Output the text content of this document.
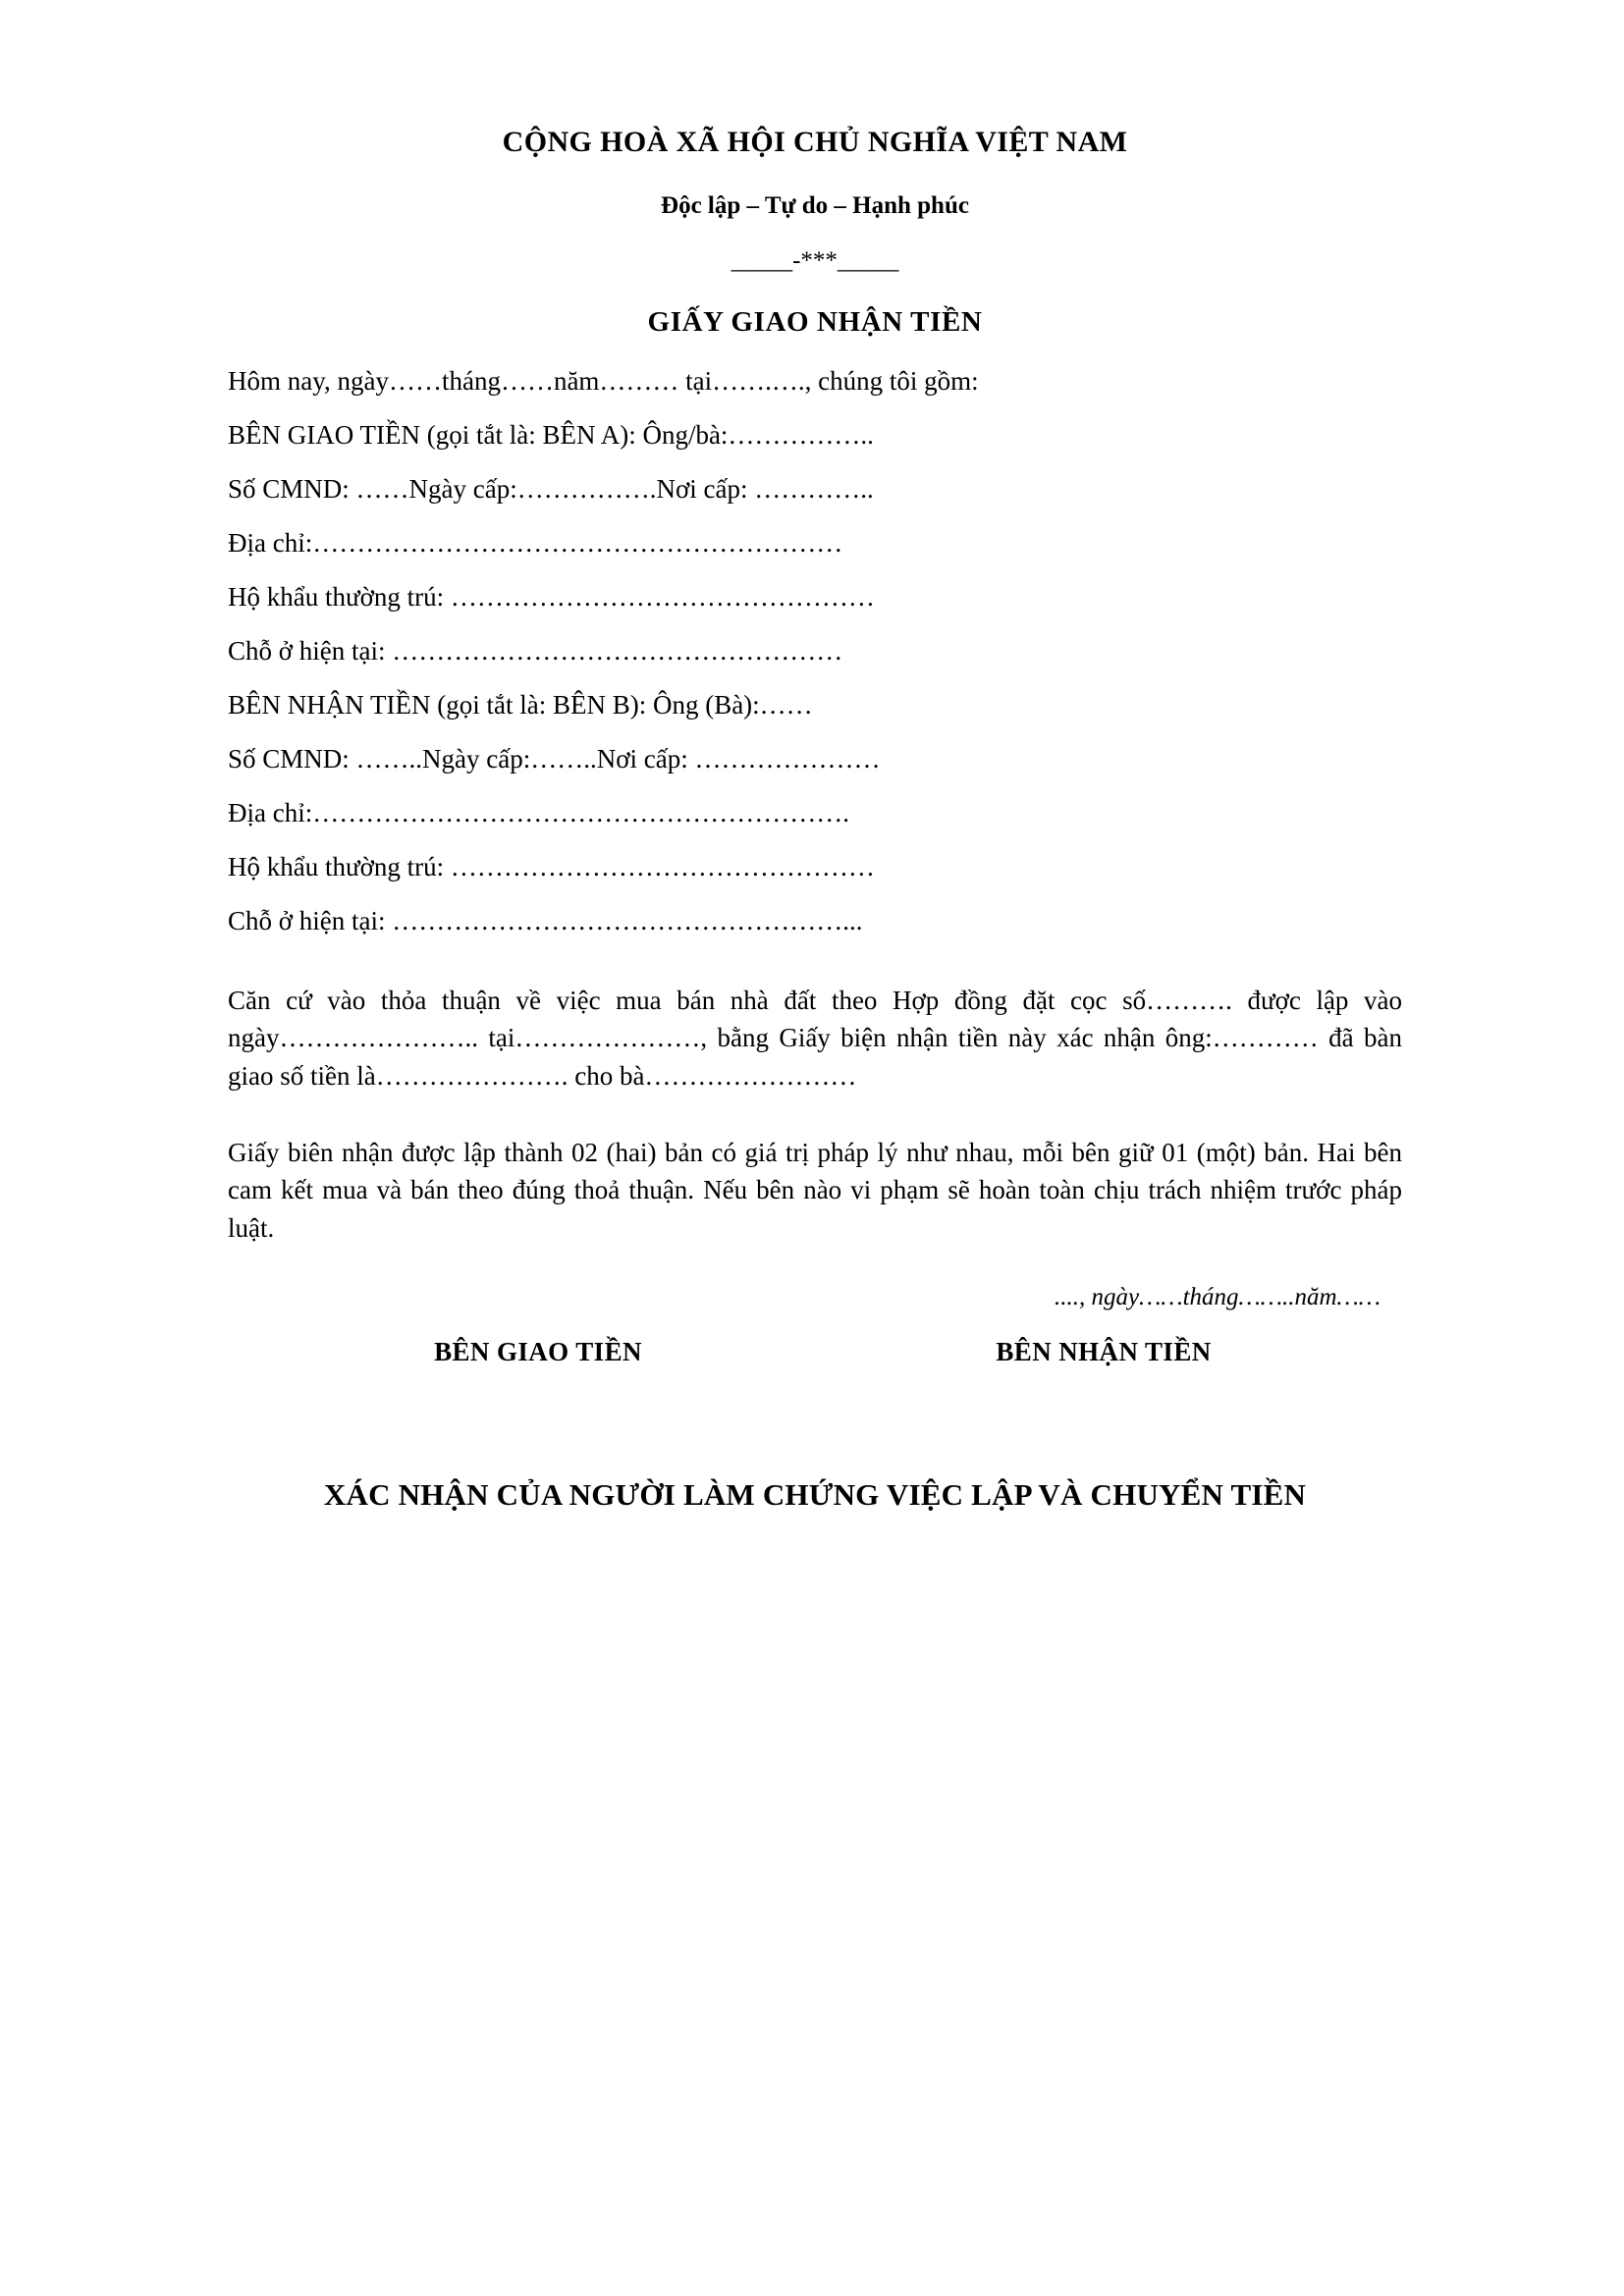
CỘNG HOÀ XÃ HỘI CHỦ NGHĨA VIỆT NAM
Độc lập – Tự do – Hạnh phúc
_____-***_____
GIẤY GIAO NHẬN TIỀN
Hôm nay, ngày……tháng……năm……… tại…….…., chúng tôi gồm:
BÊN GIAO TIỀN (gọi tắt là: BÊN A): Ông/bà:……………..
Số CMND: ……Ngày cấp:…………….Nơi cấp: …………..
Địa chỉ:……………………………………………………
Hộ khẩu thường trú: …………………………………………
Chỗ ở hiện tại: ……………………………………………
BÊN NHẬN TIỀN (gọi tắt là: BÊN B): Ông (Bà):……
Số CMND: ……..Ngày cấp:……..Nơi cấp: …………………
Địa chỉ:…………………………………………………….
Hộ khẩu thường trú: …………………………………………
Chỗ ở hiện tại: ……………………………………………...
Căn cứ vào thỏa thuận về việc mua bán nhà đất theo Hợp đồng đặt cọc số………. được lập vào ngày………………….. tại…………………, bằng Giấy biện nhận tiền này xác nhận ông:………… đã bàn giao số tiền là…………………. cho bà……………………
Giấy biên nhận được lập thành 02 (hai) bản có giá trị pháp lý như nhau, mỗi bên giữ 01 (một) bản. Hai bên cam kết mua và bán theo đúng thoả thuận. Nếu bên nào vi phạm sẽ hoàn toàn chịu trách nhiệm trước pháp luật.
...., ngày……tháng……..năm……
BÊN GIAO TIỀN	BÊN NHẬN TIỀN
XÁC NHẬN CỦA NGƯỜI LÀM CHỨNG VIỆC LẬP VÀ CHUYỂN TIỀN
